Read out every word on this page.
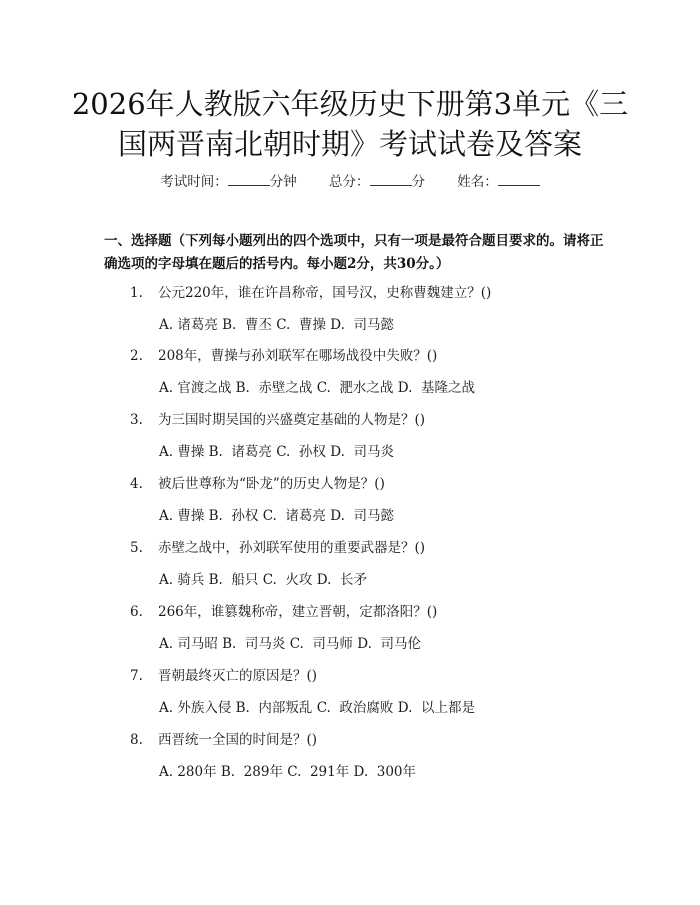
2026年人教版六年级历史下册第3单元《三
国两晋南北朝时期》考试试卷及答案
考试时间：	分钟 总分：	分 姓名：
一、选择题（下列每小题列出的四个选项中，只有一项是最符合题目要求的。请将正确选项的字母填在题后的括号内。每小题2分，共30分。）
1. 公元220年，谁在许昌称帝，国号汉，史称曹魏建立？()
A. 诸葛亮 B.  曹丕 C.  曹操 D.  司马懿
2. 208年，曹操与孙刘联军在哪场战役中失败？()
A. 官渡之战 B.  赤壁之战 C.  淝水之战 D.  基隆之战
3. 为三国时期吴国的兴盛奠定基础的人物是？()
A. 曹操 B.  诸葛亮 C.  孙权 D.  司马炎
4. 被后世尊称为“卧龙”的历史人物是？()
A. 曹操 B.  孙权 C.  诸葛亮 D.  司马懿
5. 赤壁之战中，孙刘联军使用的重要武器是？()
A. 骑兵 B.  船只 C.  火攻 D.  长矛
6. 266年，谁篡魏称帝，建立晋朝，定都洛阳？()
A. 司马昭 B.  司马炎 C.  司马师 D.  司马伦
7. 晋朝最终灭亡的原因是？()
A. 外族入侵 B.  内部叛乱 C.  政治腐败 D.  以上都是
8. 西晋统一全国的时间是？()
A. 280年 B.  289年 C.  291年 D.  300年
